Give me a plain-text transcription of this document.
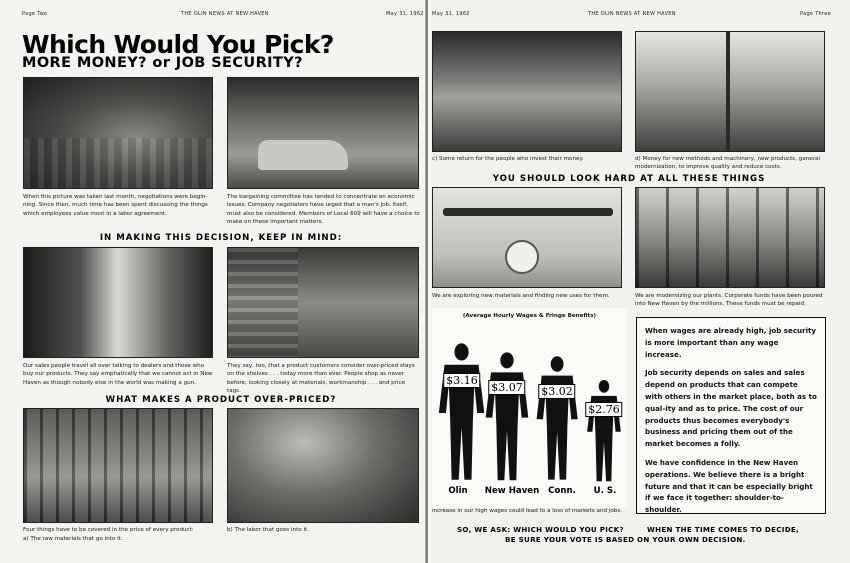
Page Two	THE OLIN NEWS AT NEW HAVEN	May 31, 1962
Which Would You Pick?
MORE MONEY? or JOB SECURITY?
When this picture was taken last month, negotiations were begin-ning. Since then, much time has been spent discussing the things which employees value most in a labor agreement.
The bargaining committee has tended to concentrate on economic issues. Company negotiators have urged that a man's job, itself, must also be considered. Members of Local 609 will have a choice to make on these important matters.
IN MAKING THIS DECISION, KEEP IN MIND:
Our sales people travel all over talking to dealers and those who buy our products. They say emphatically that we cannot act in New Haven as though nobody else in the world was making a gun.
They say, too, that a product customers consider over-priced stays on the shelves . . . today more than ever. People shop as never before, looking closely at materials, workmanship . . . and price tags.
WHAT MAKES A PRODUCT OVER-PRICED?
Four things have to be covered in the price of every product:
a) The raw materials that go into it.
b) The labor that goes into it.
May 31, 1962	THE OLIN NEWS AT NEW HAVEN	Page Three
c) Some return for the people who invest their money.	d) Money for new methods and machinery, new products, general modernization, to improve quality and reduce costs.
YOU SHOULD LOOK HARD AT ALL THESE THINGS
We are exploring new materials and finding new uses for them.	We are modernizing our plants. Corporate funds have been poured into New Haven by the millions. These funds must be repaid.
increase in our high wages could lead to a loss of markets and jobs.
SO, WE ASK: WHICH WOULD YOU PICK?	WHEN THE TIME COMES TO DECIDE,
BE SURE YOUR VOTE IS BASED ON YOUR OWN DECISION.
(Average Hourly Wages & Fringe Benefits)
$3.16
$3.07 $3.02
$2.76
Olin	New Haven	Conn.	U. S.

When wages are already high, job security is more important than any wage increase.

Job security depends on sales and sales depend on products that can compete with others in the market place, both as to qual-ity and as to price. The cost of our products thus becomes everybody's business and pricing them out of the market becomes a folly.

We have confidence in the New Haven operations. We believe there is a bright future and that it can be especially bright if we face it together: shoulder-to-shoulder.
